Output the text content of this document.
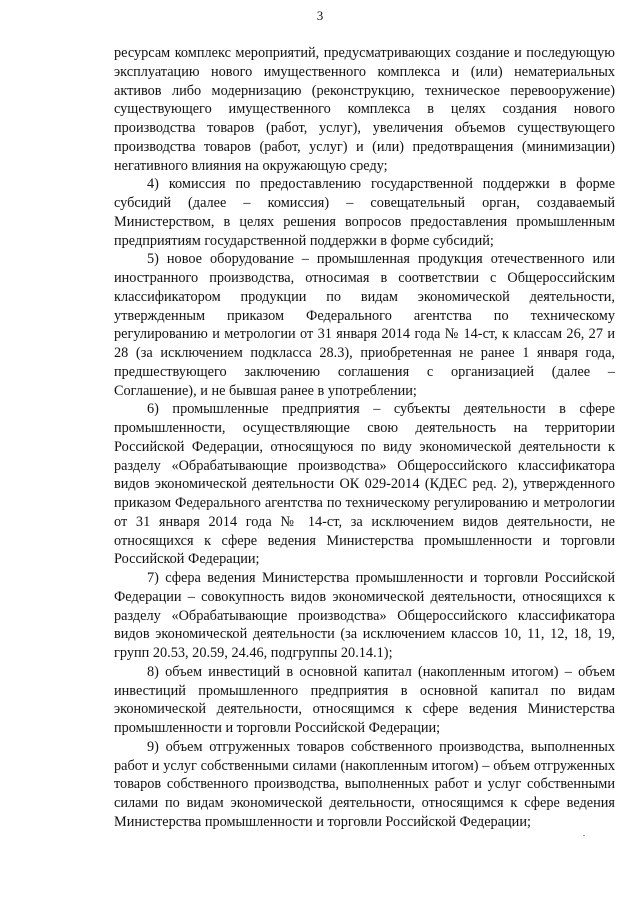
3

ресурсам комплекс мероприятий, предусматривающих создание и последующую эксплуатацию нового имущественного комплекса и (или) нематериальных активов либо модернизацию (реконструкцию, техническое перевооружение) существующего имущественного комплекса в целях создания нового производства товаров (работ, услуг), увеличения объемов существующего производства товаров (работ, услуг) и (или) предотвращения (минимизации) негативного влияния на окружающую среду;

4) комиссия по предоставлению государственной поддержки в форме субсидий (далее – комиссия) – совещательный орган, создаваемый Министерством, в целях решения вопросов предоставления промышленным предприятиям государственной поддержки в форме субсидий;

5) новое оборудование – промышленная продукция отечественного или иностранного производства, относимая в соответствии с Общероссийским классификатором продукции по видам экономической деятельности, утвержденным приказом Федерального агентства по техническому регулированию и метрологии от 31 января 2014 года № 14-ст, к классам 26, 27 и 28 (за исключением подкласса 28.3), приобретенная не ранее 1 января года, предшествующего заключению соглашения с организацией (далее – Соглашение), и не бывшая ранее в употреблении;

6) промышленные предприятия – субъекты деятельности в сфере промышленности, осуществляющие свою деятельность на территории Российской Федерации, относящуюся по виду экономической деятельности к разделу «Обрабатывающие производства» Общероссийского классификатора видов экономической деятельности ОК 029-2014 (КДЕС ред. 2), утвержденного приказом Федерального агентства по техническому регулированию и метрологии от 31 января 2014 года № 14-ст, за исключением видов деятельности, не относящихся к сфере ведения Министерства промышленности и торговли Российской Федерации;

7) сфера ведения Министерства промышленности и торговли Российской Федерации – совокупность видов экономической деятельности, относящихся к разделу «Обрабатывающие производства» Общероссийского классификатора видов экономической деятельности (за исключением классов 10, 11, 12, 18, 19, групп 20.53, 20.59, 24.46, подгруппы 20.14.1);

8) объем инвестиций в основной капитал (накопленным итогом) – объем инвестиций промышленного предприятия в основной капитал по видам экономической деятельности, относящимся к сфере ведения Министерства промышленности и торговли Российской Федерации;

9) объем отгруженных товаров собственного производства, выполненных работ и услуг собственными силами (накопленным итогом) – объем отгруженных товаров собственного производства, выполненных работ и услуг собственными силами по видам экономической деятельности, относящимся к сфере ведения Министерства промышленности и торговли Российской Федерации;
